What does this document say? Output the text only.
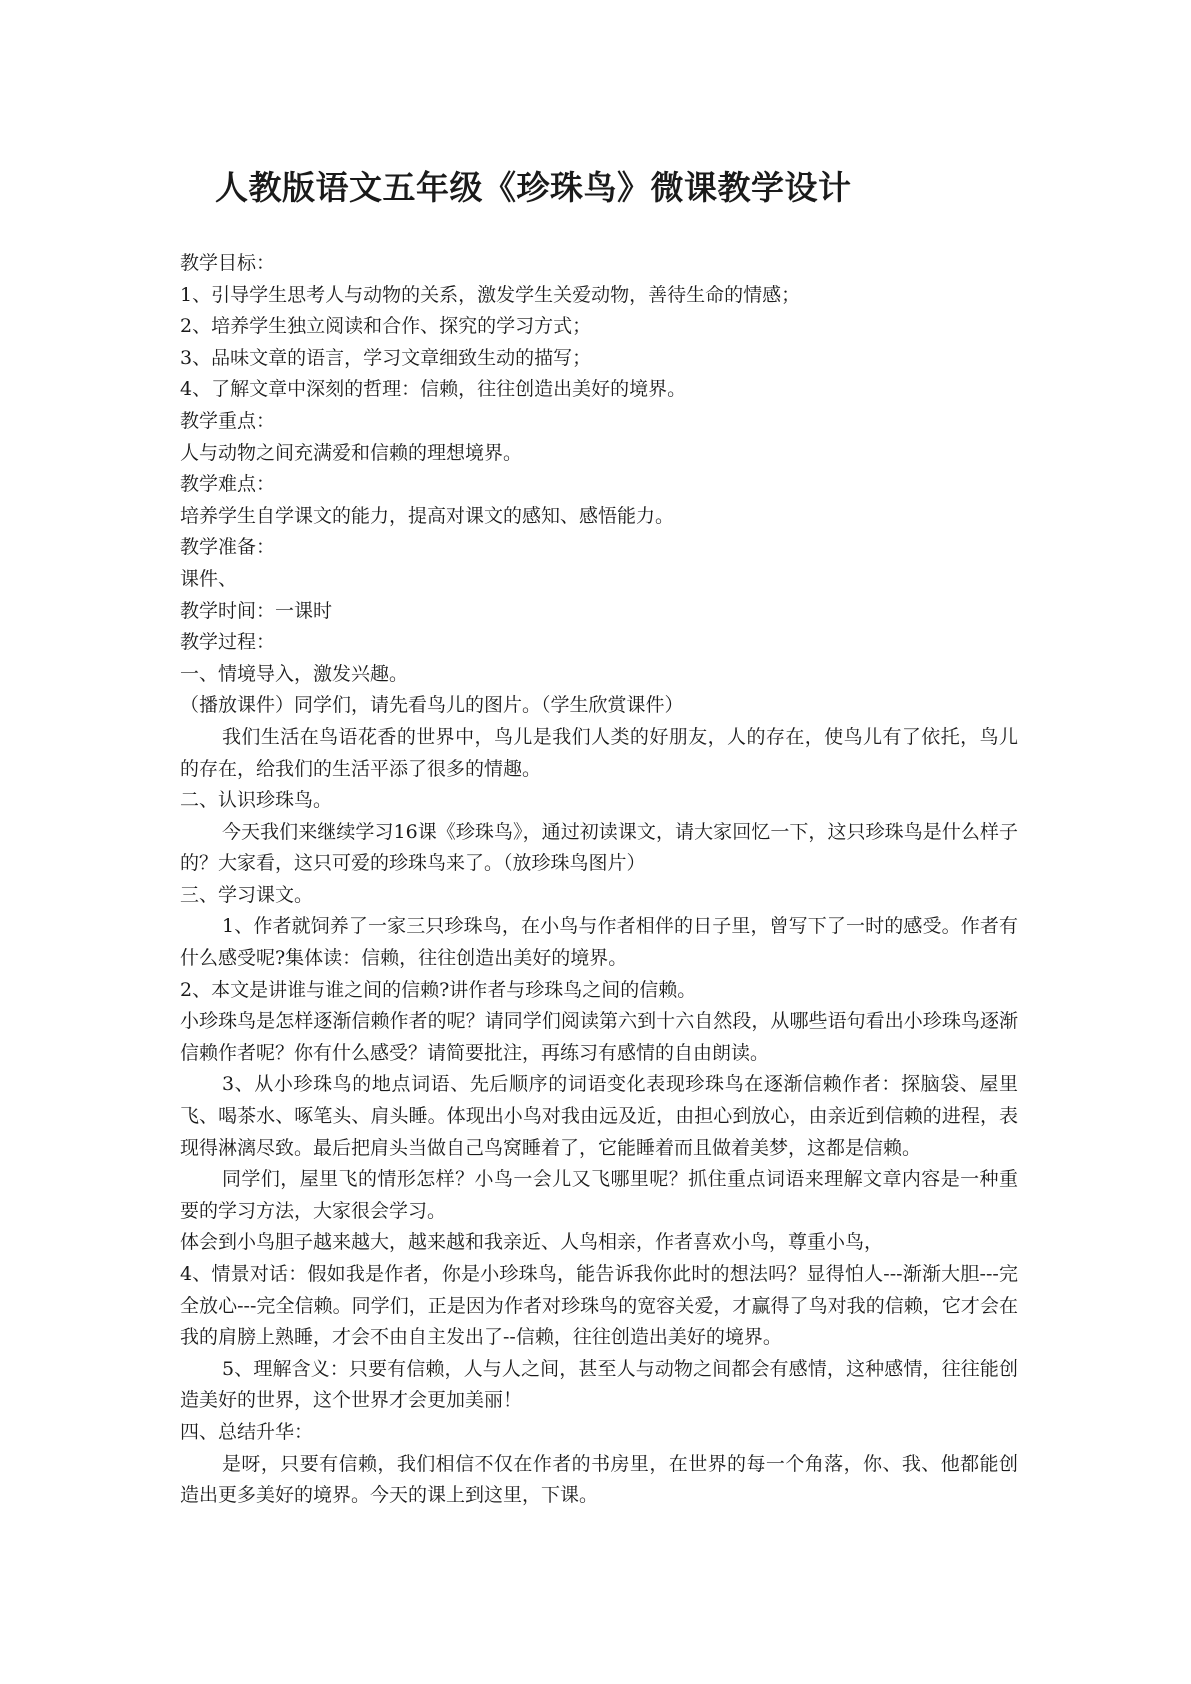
人教版语文五年级《珍珠鸟》微课教学设计

教学目标：

1、引导学生思考人与动物的关系，激发学生关爱动物，善待生命的情感；

2、培养学生独立阅读和合作、探究的学习方式；

3、品味文章的语言，学习文章细致生动的描写；

4、了解文章中深刻的哲理：信赖，往往创造出美好的境界。

教学重点：

人与动物之间充满爱和信赖的理想境界。

教学难点：

培养学生自学课文的能力，提高对课文的感知、感悟能力。

教学准备：

课件、

教学时间：一课时

教学过程：

一、情境导入，激发兴趣。

（播放课件）同学们，请先看鸟儿的图片。（学生欣赏课件）

我们生活在鸟语花香的世界中，鸟儿是我们人类的好朋友，人的存在，使鸟儿有了依托，鸟儿的存在，给我们的生活平添了很多的情趣。

二、认识珍珠鸟。

今天我们来继续学习16课《珍珠鸟》，通过初读课文，请大家回忆一下，这只珍珠鸟是什么样子的？大家看，这只可爱的珍珠鸟来了。（放珍珠鸟图片）

三、学习课文。

1、作者就饲养了一家三只珍珠鸟，在小鸟与作者相伴的日子里，曾写下了一时的感受。作者有什么感受呢?集体读：信赖，往往创造出美好的境界。

2、本文是讲谁与谁之间的信赖?讲作者与珍珠鸟之间的信赖。

小珍珠鸟是怎样逐渐信赖作者的呢？请同学们阅读第六到十六自然段，从哪些语句看出小珍珠鸟逐渐信赖作者呢？你有什么感受？请简要批注，再练习有感情的自由朗读。

3、从小珍珠鸟的地点词语、先后顺序的词语变化表现珍珠鸟在逐渐信赖作者：探脑袋、屋里飞、喝茶水、啄笔头、肩头睡。体现出小鸟对我由远及近，由担心到放心，由亲近到信赖的进程，表现得淋漓尽致。最后把肩头当做自己鸟窝睡着了，它能睡着而且做着美梦，这都是信赖。

同学们，屋里飞的情形怎样？小鸟一会儿又飞哪里呢？抓住重点词语来理解文章内容是一种重要的学习方法，大家很会学习。

体会到小鸟胆子越来越大，越来越和我亲近、人鸟相亲，作者喜欢小鸟，尊重小鸟，

4、情景对话：假如我是作者，你是小珍珠鸟，能告诉我你此时的想法吗？显得怕人---渐渐大胆---完全放心---完全信赖。同学们，正是因为作者对珍珠鸟的宽容关爱，才赢得了鸟对我的信赖，它才会在我的肩膀上熟睡，才会不由自主发出了--信赖，往往创造出美好的境界。

5、理解含义：只要有信赖，人与人之间，甚至人与动物之间都会有感情，这种感情，往往能创造美好的世界，这个世界才会更加美丽！

四、总结升华：

是呀，只要有信赖，我们相信不仅在作者的书房里，在世界的每一个角落，你、我、他都能创造出更多美好的境界。今天的课上到这里，下课。
